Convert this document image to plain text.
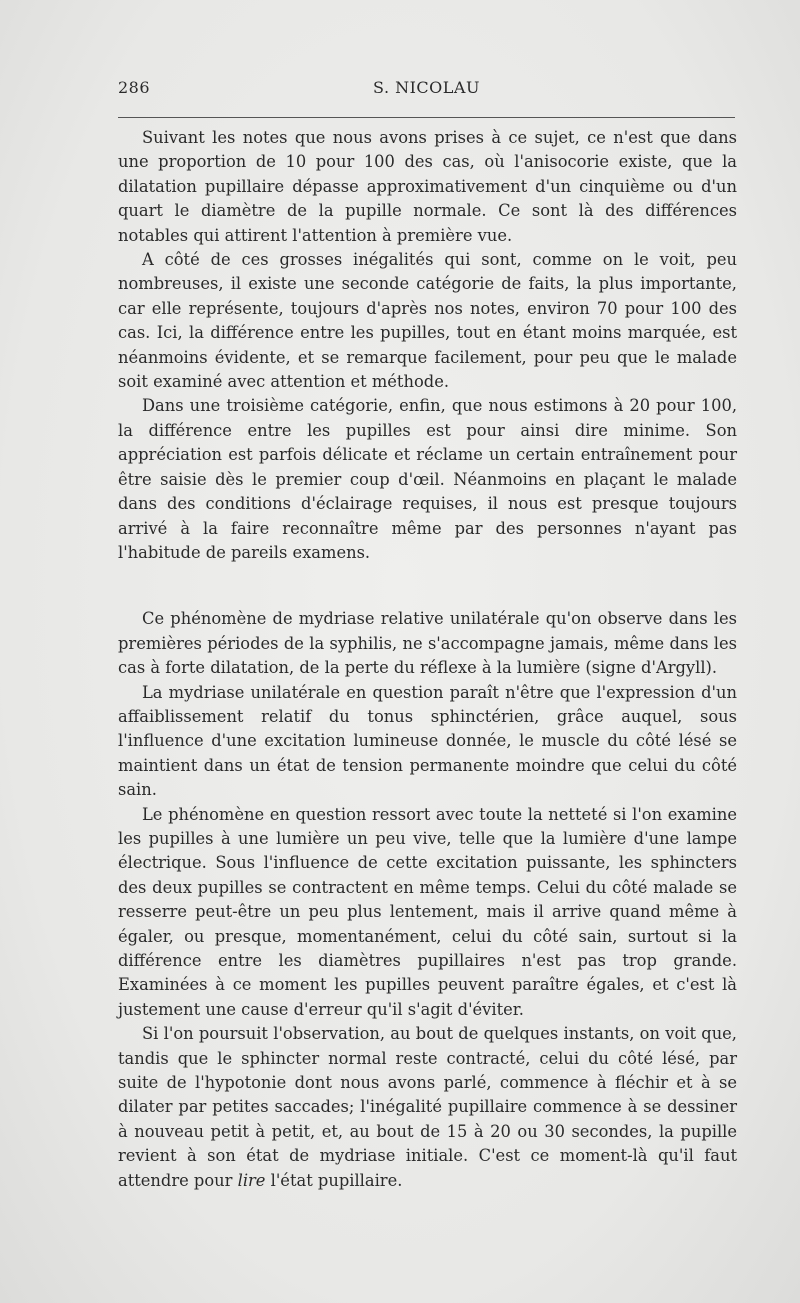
286	S. NICOLAU

Suivant les notes que nous avons prises à ce sujet, ce n'est que dans une proportion de 10 pour 100 des cas, où l'anisocorie existe, que la dilatation pupillaire dépasse approximativement d'un cinquième ou d'un quart le diamètre de la pupille normale. Ce sont là des différences notables qui attirent l'attention à première vue.

A côté de ces grosses inégalités qui sont, comme on le voit, peu nombreuses, il existe une seconde catégorie de faits, la plus importante, car elle représente, toujours d'après nos notes, environ 70 pour 100 des cas. Ici, la différence entre les pupilles, tout en étant moins marquée, est néanmoins évidente, et se remarque facilement, pour peu que le malade soit examiné avec attention et méthode.

Dans une troisième catégorie, enfin, que nous estimons à 20 pour 100, la différence entre les pupilles est pour ainsi dire minime. Son appréciation est parfois délicate et réclame un certain entraînement pour être saisie dès le premier coup d'œil. Néanmoins en plaçant le malade dans des conditions d'éclairage requises, il nous est presque toujours arrivé à la faire reconnaître même par des personnes n'ayant pas l'habitude de pareils examens.

Ce phénomène de mydriase relative unilatérale qu'on observe dans les premières périodes de la syphilis, ne s'accompagne jamais, même dans les cas à forte dilatation, de la perte du réflexe à la lumière (signe d'Argyll).

La mydriase unilatérale en question paraît n'être que l'expression d'un affaiblissement relatif du tonus sphinctérien, grâce auquel, sous l'influence d'une excitation lumineuse donnée, le muscle du côté lésé se maintient dans un état de tension permanente moindre que celui du côté sain.

Le phénomène en question ressort avec toute la netteté si l'on examine les pupilles à une lumière un peu vive, telle que la lumière d'une lampe électrique. Sous l'influence de cette excitation puissante, les sphincters des deux pupilles se contractent en même temps. Celui du côté malade se resserre peut-être un peu plus lentement, mais il arrive quand même à égaler, ou presque, momentanément, celui du côté sain, surtout si la différence entre les diamètres pupillaires n'est pas trop grande. Examinées à ce moment les pupilles peuvent paraître égales, et c'est là justement une cause d'erreur qu'il s'agit d'éviter.

Si l'on poursuit l'observation, au bout de quelques instants, on voit que, tandis que le sphincter normal reste contracté, celui du côté lésé, par suite de l'hypotonie dont nous avons parlé, commence à fléchir et à se dilater par petites saccades; l'inégalité pupillaire commence à se dessiner à nouveau petit à petit, et, au bout de 15 à 20 ou 30 secondes, la pupille revient à son état de mydriase initiale. C'est ce moment-là qu'il faut attendre pour lire l'état pupillaire.
